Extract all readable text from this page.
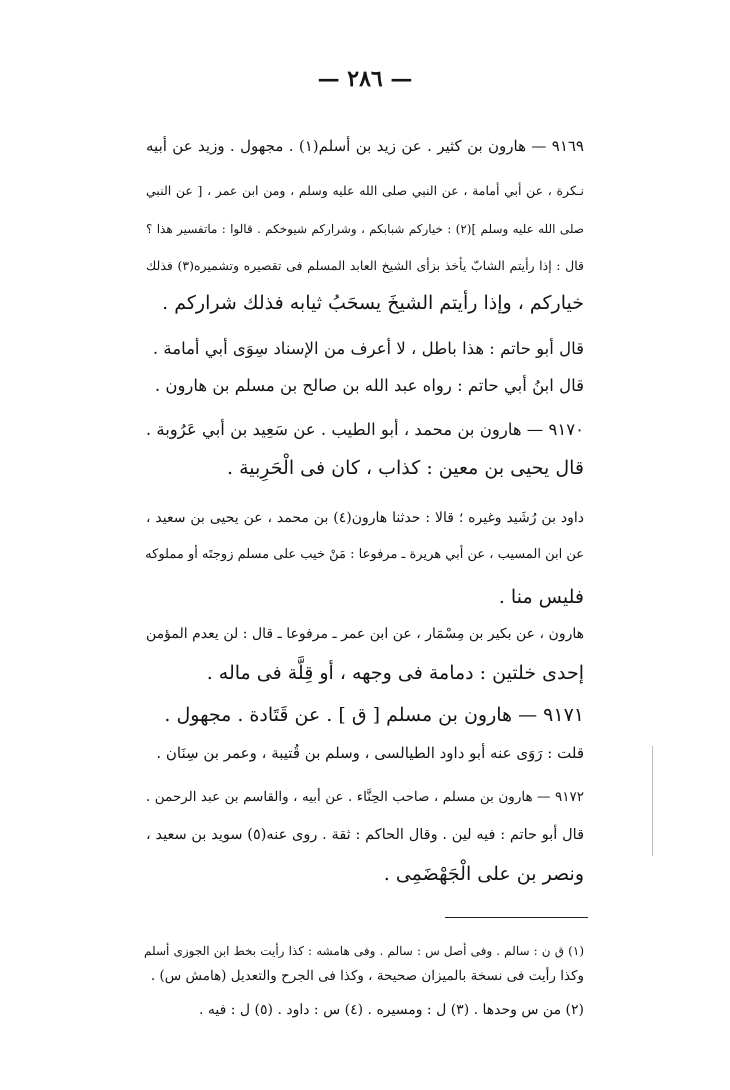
— ٢٨٦ —
٩١٦٩ — هارون بن كثير . عن زيد بن أسلم(١) . مجهول . وزيد عن أبيه
نـكرة ، عن أبي أمامة ، عن النبي صلى الله عليه وسلم ، ومن ابن عمر ، [ عن النبي
صلى الله عليه وسلم ](٢) : خياركم شبابكم ، وشراركم شيوخكم . قالوا : ماتفسير هذا ؟
قال : إذا رأيتم الشابّ يأخذ بزأى الشيخ العابد المسلم فى تقصيره وتشميره(٣) فذلك
خياركم ، وإذا رأيتم الشيخَ يسحَبُ ثيابه فذلك شراركم .
قال أبو حاتم : هذا باطل ، لا أعرف من الإسناد سِوَى أبي أمامة .
قال ابنُ أبي حاتم : رواه عبد الله بن صالح بن مسلم بن هارون .
٩١٧٠ — هارون بن محمد ، أبو الطيب . عن سَعِيد بن أبي عَرُوبة .
قال يحيى بن معين : كذاب ، كان فى الْحَرِبية .
داود بن رُشَيد وغيره ؛ قالا : حدثنا هارون(٤) بن محمد ، عن يحيى بن سعيد ،
عن ابن المسيب ، عن أبي هريرة ـ مرفوعا : مَنْ خيب على مسلم زوجتَه أو مملوكه
فليس منا .
هارون ، عن بكير بن مِسْمَار ، عن ابن عمر ـ مرفوعا ـ قال : لن يعدم المؤمن
إحدى خلتين : دمامة فى وجهه ، أو قِلَّة فى ماله .
٩١٧١ — هارون بن مسلم [ ق ] . عن قَتَادة . مجهول .
قلت : رَوَى عنه أبو داود الطيالسى ، وسلم بن قُتيبة ، وعمر بن سِنَان .
٩١٧٢ — هارون بن مسلم ، صاحب الحِنَّاء . عن أبيه ، والقاسم بن عبد الرحمن .
قال أبو حاتم : فيه لين . وقال الحاكم : ثقة . روى عنه(٥) سويد بن سعيد ،
ونصر بن على الْجَهْضَمِى .
(١) ق ن : سالم . وفى أصل س : سالم . وفى هامشه : كذا رأيت بخط ابن الجوزى أسلم
وكذا رأيت فى نسخة بالميزان صحيحة ، وكذا فى الجرح والتعديل (هامش س) .
(٢) من س وحدها . (٣) ل : ومسيره . (٤) س : داود . (٥) ل : فيه .
